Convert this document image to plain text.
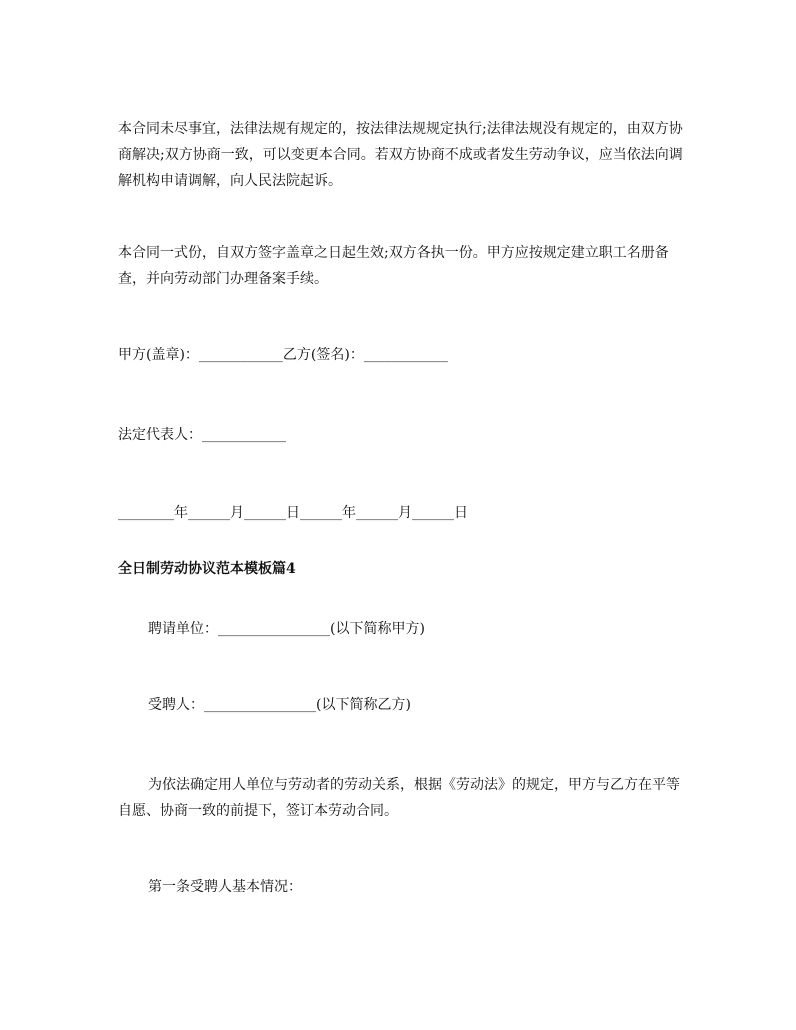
本合同未尽事宜，法律法规有规定的，按法律法规规定执行;法律法规没有规定的，由双方协商解决;双方协商一致，可以变更本合同。若双方协商不成或者发生劳动争议，应当依法向调解机构申请调解，向人民法院起诉。

本合同一式份，自双方签字盖章之日起生效;双方各执一份。甲方应按规定建立职工名册备查，并向劳动部门办理备案手续。

甲方(盖章)：____________乙方(签名)：____________

法定代表人：____________

________年______月______日______年______月______日

全日制劳动协议范本模板篇4

聘请单位：________________(以下简称甲方)

受聘人：________________(以下简称乙方)

为依法确定用人单位与劳动者的劳动关系，根据《劳动法》的规定，甲方与乙方在平等自愿、协商一致的前提下，签订本劳动合同。

第一条受聘人基本情况：
